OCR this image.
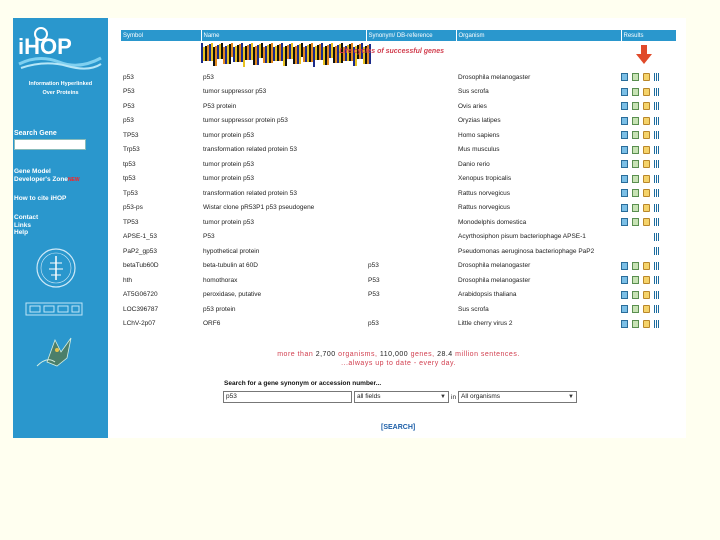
iHOP
Information Hyperlinked
Over Proteins
Search Gene
Gene Model
Developer's ZoneNEW
How to cite iHOP
Contact
Links
Help
Symbol	Name	Synonym/ DB-reference	Organism	Results

Life cycles of successful genes

p53	p53		Drosophila melanogaster	
P53	tumor suppressor p53		Sus scrofa	
P53	P53 protein		Ovis aries	
p53	tumor suppressor protein p53		Oryzias latipes	
TP53	tumor protein p53		Homo sapiens	
Trp53	transformation related protein 53		Mus musculus	
tp53	tumor protein p53		Danio rerio	
tp53	tumor protein p53		Xenopus tropicalis	
Tp53	transformation related protein 53		Rattus norvegicus	
p53-ps	Wistar clone pR53P1 p53 pseudogene		Rattus norvegicus	
TP53	tumor protein p53		Monodelphis domestica	
APSE-1_53	P53		Acyrthosiphon pisum bacteriophage APSE-1	
PaP2_gp53	hypothetical protein		Pseudomonas aeruginosa bacteriophage PaP2	
betaTub60D	beta-tubulin at 60D	p53	Drosophila melanogaster	
hth	homothorax	P53	Drosophila melanogaster	
AT5G06720	peroxidase, putative	P53	Arabidopsis thaliana	
LOC396787	p53 protein		Sus scrofa	
LChV-2p07	ORF6	p53	Little cherry virus 2	
more than 2,700 organisms, 110,000 genes, 28.4 million sentences.
...always up to date - every day.
Search for a gene synonym or accession number...
p53	all fields	▼ in All organisms	▼
[SEARCH]
